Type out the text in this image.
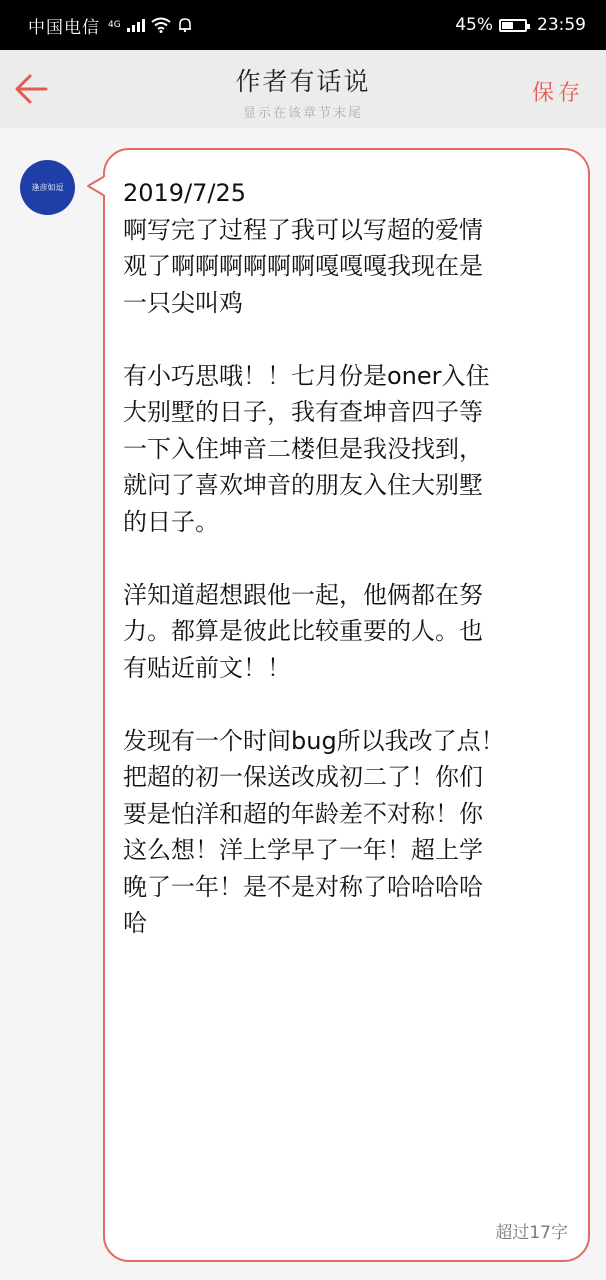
中国电信 4G	45%	23:59
作者有话说
显示在该章节末尾
保存
逢彦如逗 2019/7/25
啊写完了过程了我可以写超的爱情
观了啊啊啊啊啊啊嘎嘎嘎我现在是
一只尖叫鸡

有小巧思哦！！七月份是oner入住
大别墅的日子，我有查坤音四子等
一下入住坤音二楼但是我没找到，
就问了喜欢坤音的朋友入住大别墅
的日子。

洋知道超想跟他一起，他俩都在努
力。都算是彼此比较重要的人。也
有贴近前文！！

发现有一个时间bug所以我改了点！
把超的初一保送改成初二了！你们
要是怕洋和超的年龄差不对称！你
这么想！洋上学早了一年！超上学
晚了一年！是不是对称了哈哈哈哈
哈
超过17字
